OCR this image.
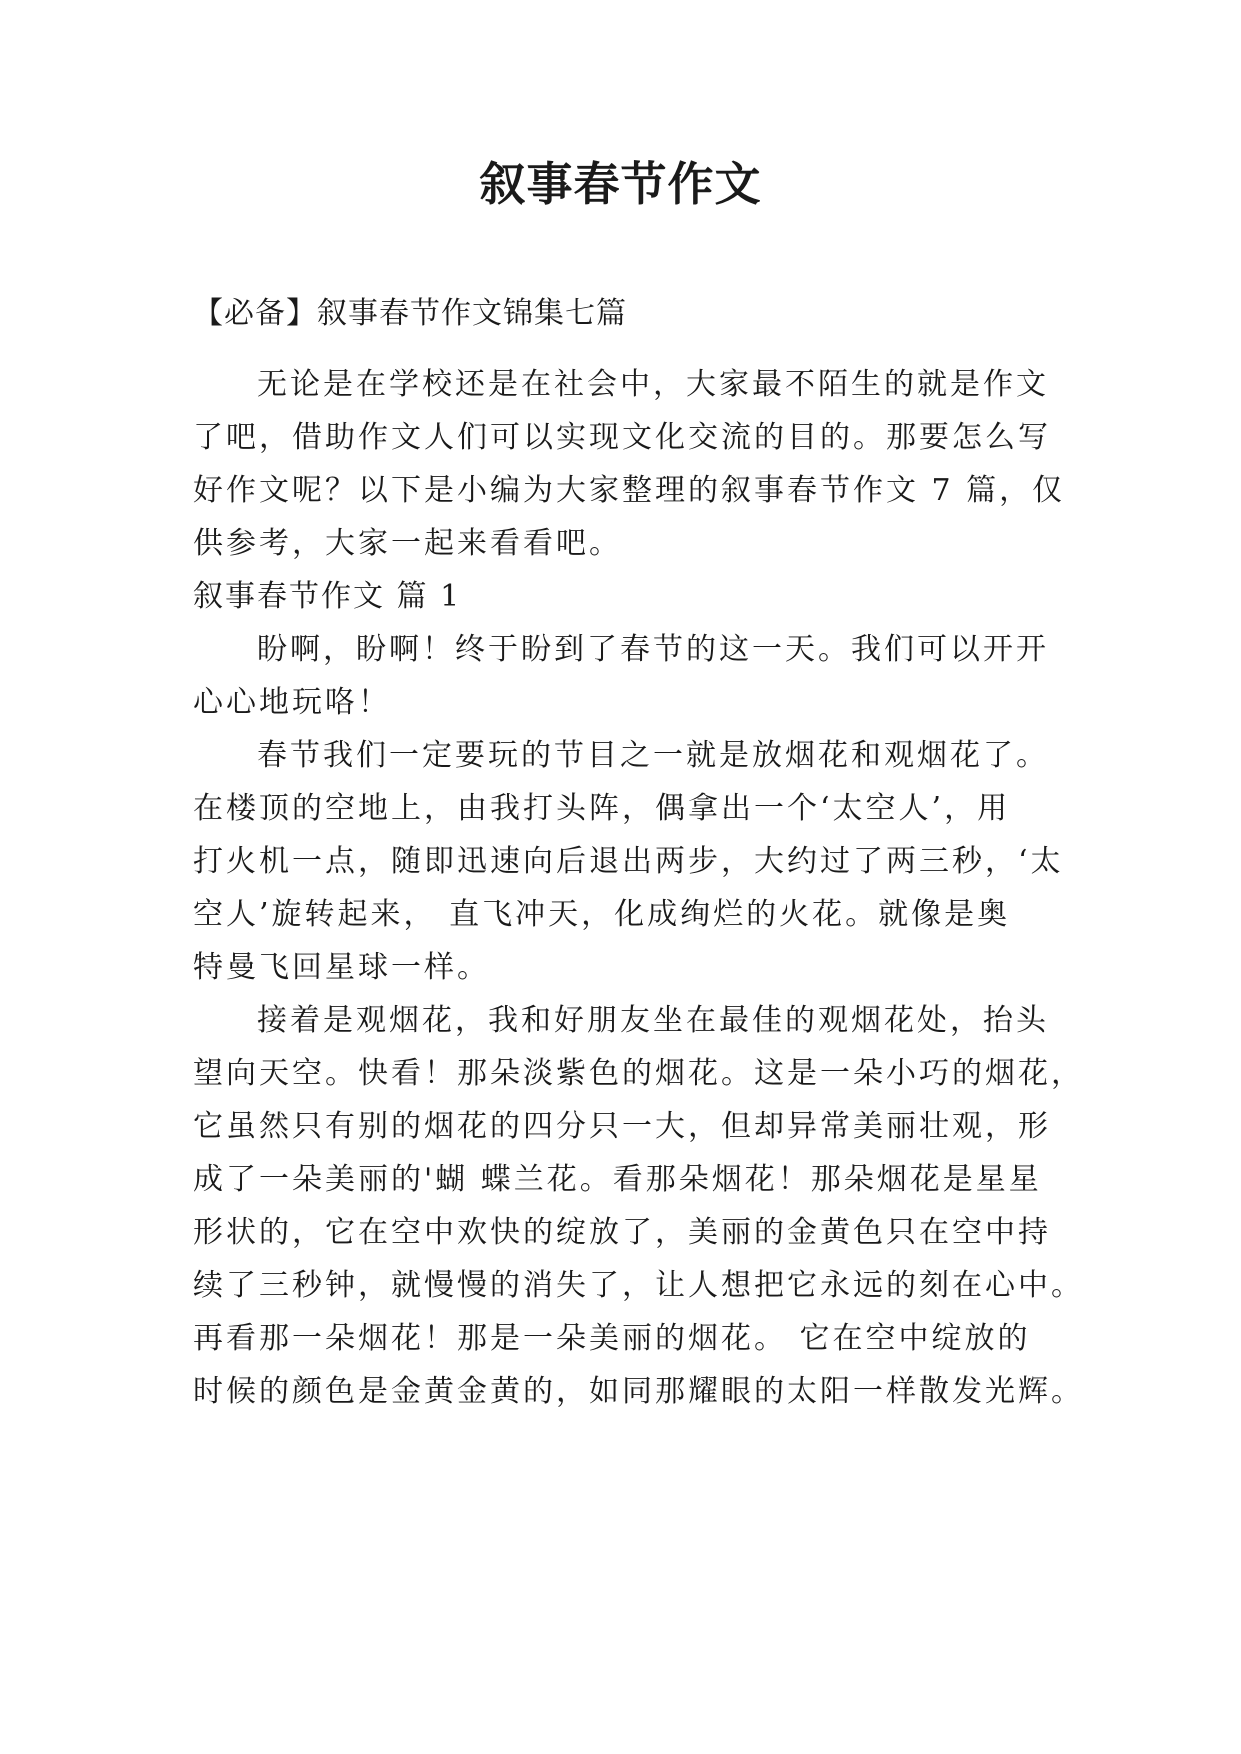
叙事春节作文
【必备】叙事春节作文锦集七篇
无论是在学校还是在社会中，大家最不陌生的就是作文
了吧，借助作文人们可以实现文化交流的目的。那要怎么写
好作文呢？以下是小编为大家整理的叙事春节作文 7 篇，仅
供参考，大家一起来看看吧。
叙事春节作文 篇 1
盼啊，盼啊！终于盼到了春节的这一天。我们可以开开
心心地玩咯！
春节我们一定要玩的节目之一就是放烟花和观烟花了。
在楼顶的空地上，由我打头阵，偶拿出一个‘太空人’，用
打火机一点，随即迅速向后退出两步，大约过了两三秒，‘太
空人’旋转起来， 直飞冲天，化成绚烂的火花。就像是奥
特曼飞回星球一样。
接着是观烟花，我和好朋友坐在最佳的观烟花处，抬头
望向天空。快看！那朵淡紫色的烟花。这是一朵小巧的烟花，
它虽然只有别的烟花的四分只一大，但却异常美丽壮观，形
成了一朵美丽的'蝴 蝶兰花。看那朵烟花！那朵烟花是星星
形状的，它在空中欢快的绽放了，美丽的金黄色只在空中持
续了三秒钟，就慢慢的消失了，让人想把它永远的刻在心中。
再看那一朵烟花！那是一朵美丽的烟花。 它在空中绽放的
时候的颜色是金黄金黄的，如同那耀眼的太阳一样散发光辉。
